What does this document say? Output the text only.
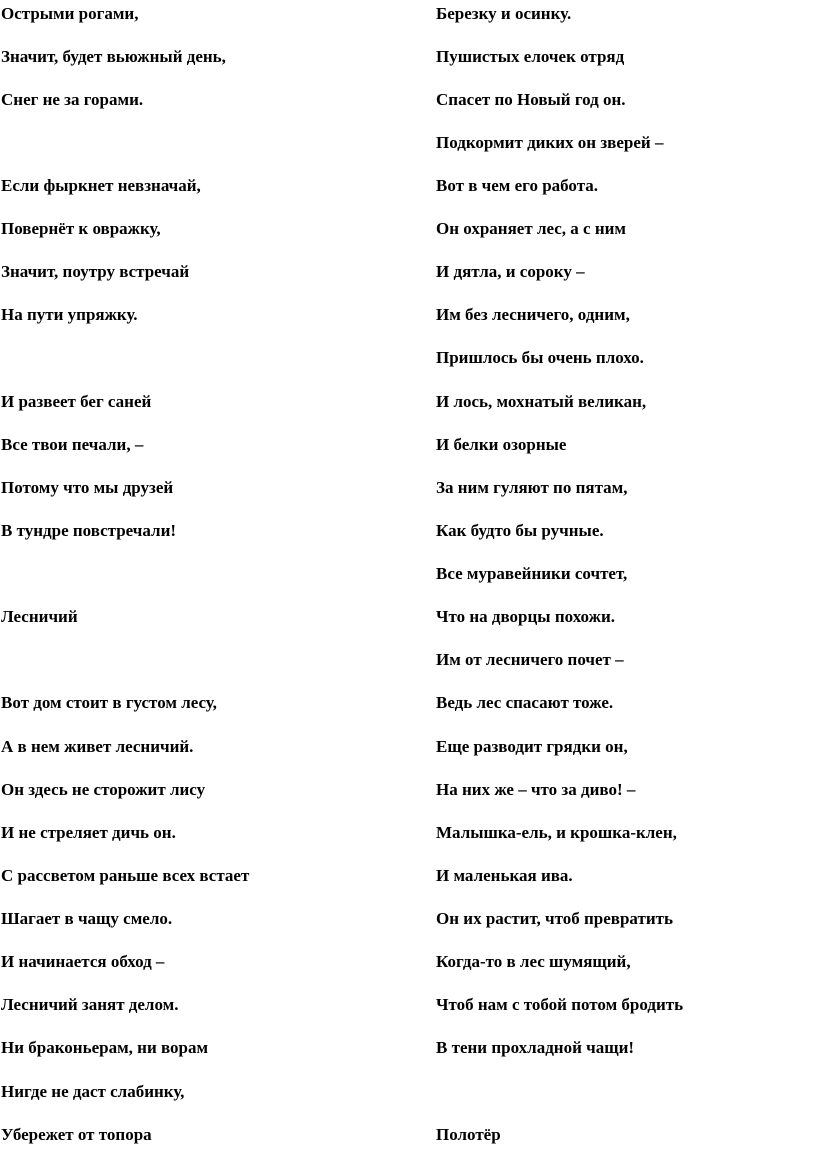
Острыми рогами,
Значит, будет вьюжный день,
Снег не за горами.
Если фыркнет невзначай,
Повернёт к овражку,
Значит, поутру встречай
На пути упряжку.
И развеет бег саней
Все твои печали, –
Потому что мы друзей
В тундре повстречали!
Лесничий
Вот дом стоит в густом лесу,
А в нем живет лесничий.
Он здесь не сторожит лису
И не стреляет дичь он.
С рассветом раньше всех встает
Шагает в чащу смело.
И начинается обход –
Лесничий занят делом.
Ни браконьерам, ни ворам
Нигде не даст слабинку,
Убережет от топора
Березку и осинку.
Пушистых елочек отряд
Спасет по Новый год он.
Подкормит диких он зверей –
Вот в чем его работа.
Он охраняет лес, а с ним
И дятла, и сороку –
Им без лесничего, одним,
Пришлось бы очень плохо.
И лось, мохнатый великан,
И белки озорные
За ним гуляют по пятам,
Как будто бы ручные.
Все муравейники сочтет,
Что на дворцы похожи.
Им от лесничего почет –
Ведь лес спасают тоже.
Еще разводит грядки он,
На них же – что за диво! –
Малышка-ель, и крошка-клен,
И маленькая ива.
Он их растит, чтоб превратить
Когда-то в лес шумящий,
Чтоб нам с тобой потом бродить
В тени прохладной чащи!
Полотёр
